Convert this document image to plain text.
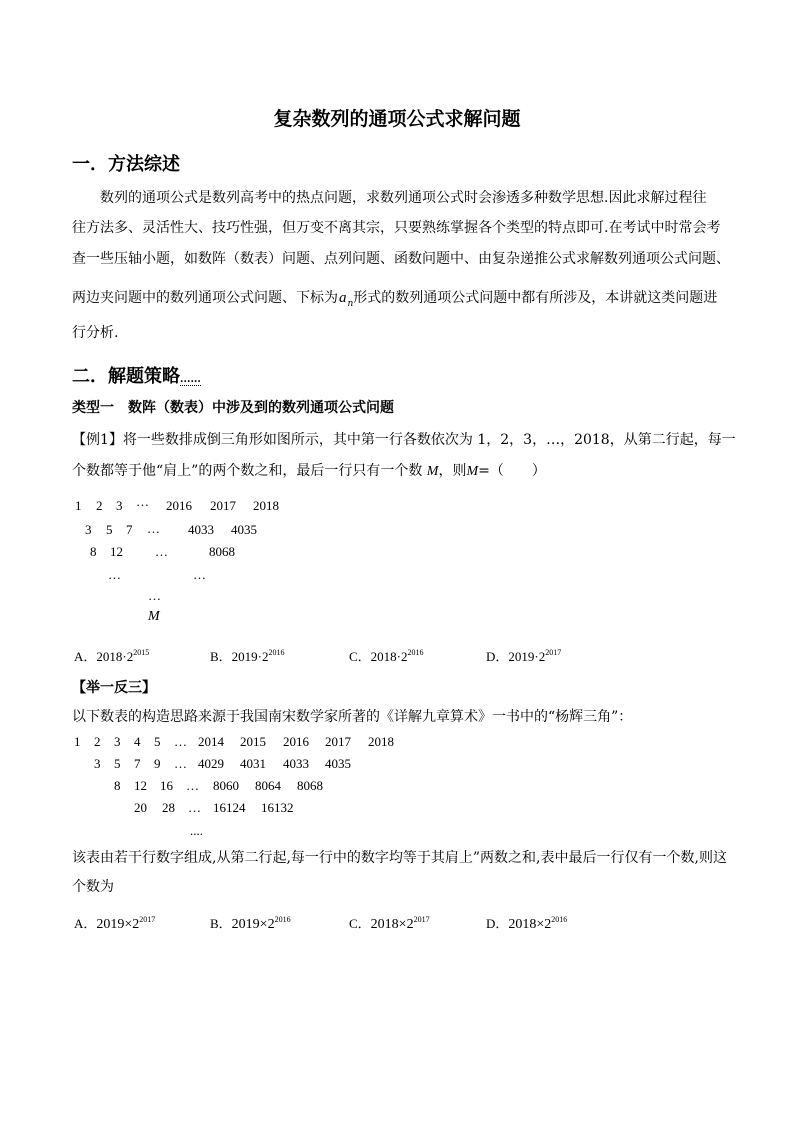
复杂数列的通项公式求解问题
一．方法综述
数列的通项公式是数列高考中的热点问题，求数列通项公式时会渗透多种数学思想.因此求解过程往
往方法多、灵活性大、技巧性强，但万变不离其宗，只要熟练掌握各个类型的特点即可.在考试中时常会考
查一些压轴小题，如数阵（数表）问题、点列问题、函数问题中、由复杂递推公式求解数列通项公式问题、
两边夹问题中的数列通项公式问题、下标为$a_n$形式的数列通项公式问题中都有所涉及，本讲就这类问题进
行分析.
二．解题策略......
类型一　数阵（数表）中涉及到的数列通项公式问题
【例1】将一些数排成倒三角形如图所示，其中第一行各数依次为 1，2，3，…，2018，从第二行起，每一
个数都等于他“肩上”的两个数之和，最后一行只有一个数 M，则M=（　　）
1 2 3 … 2016 2017 2018
3 5 7 … 4033 4035
8 12 …	8068
…	…
…
M
A．$2018\cdot 2^{2015}$	B．$2019\cdot 2^{2016}$	C．$2018\cdot 2^{2016}$	D．$2019\cdot 2^{2017}$
【举一反三】
以下数表的构造思路来源于我国南宋数学家所著的《详解九章算术》一书中的“杨辉三角”：
1 2 3 4 5 … 2014 2015 2016 2017 2018
3 5 7 9 … 4029 4031 4033 4035
8 12 16 … 8060 8064 8068
20 28 … 16124 16132
....
该表由若干行数字组成,从第二行起,每一行中的数字均等于其肩上”两数之和,表中最后一行仅有一个数,则这
个数为
A．$2019\times 2^{2017}$	B．$2019\times 2^{2016}$	C．$2018\times 2^{2017}$	D．$2018\times 2^{2016}$
